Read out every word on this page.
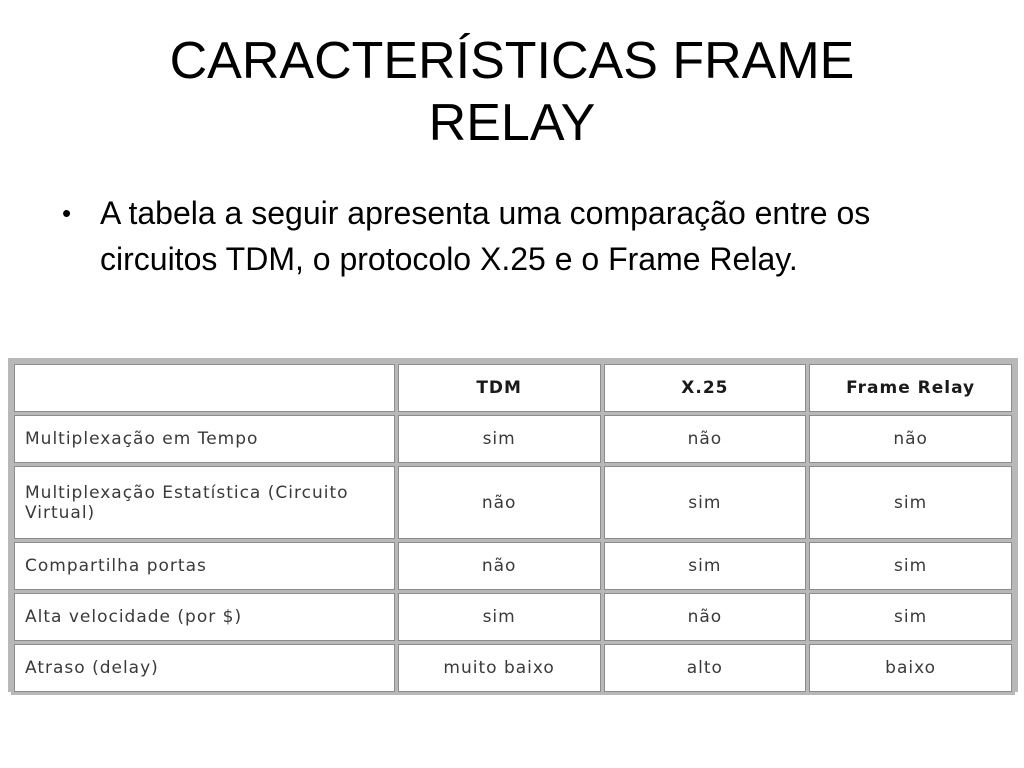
CARACTERÍSTICAS FRAME
RELAY
• A tabela a seguir apresenta uma comparação entre os circuitos TDM, o protocolo X.25 e o Frame Relay.
	TDM	X.25	Frame Relay
Multiplexação em Tempo	sim	não	não
Multiplexação Estatística (Circuito Virtual)	não	sim	sim
Compartilha portas	não	sim	sim
Alta velocidade (por $)	sim	não	sim
Atraso (delay)	muito baixo	alto	baixo
